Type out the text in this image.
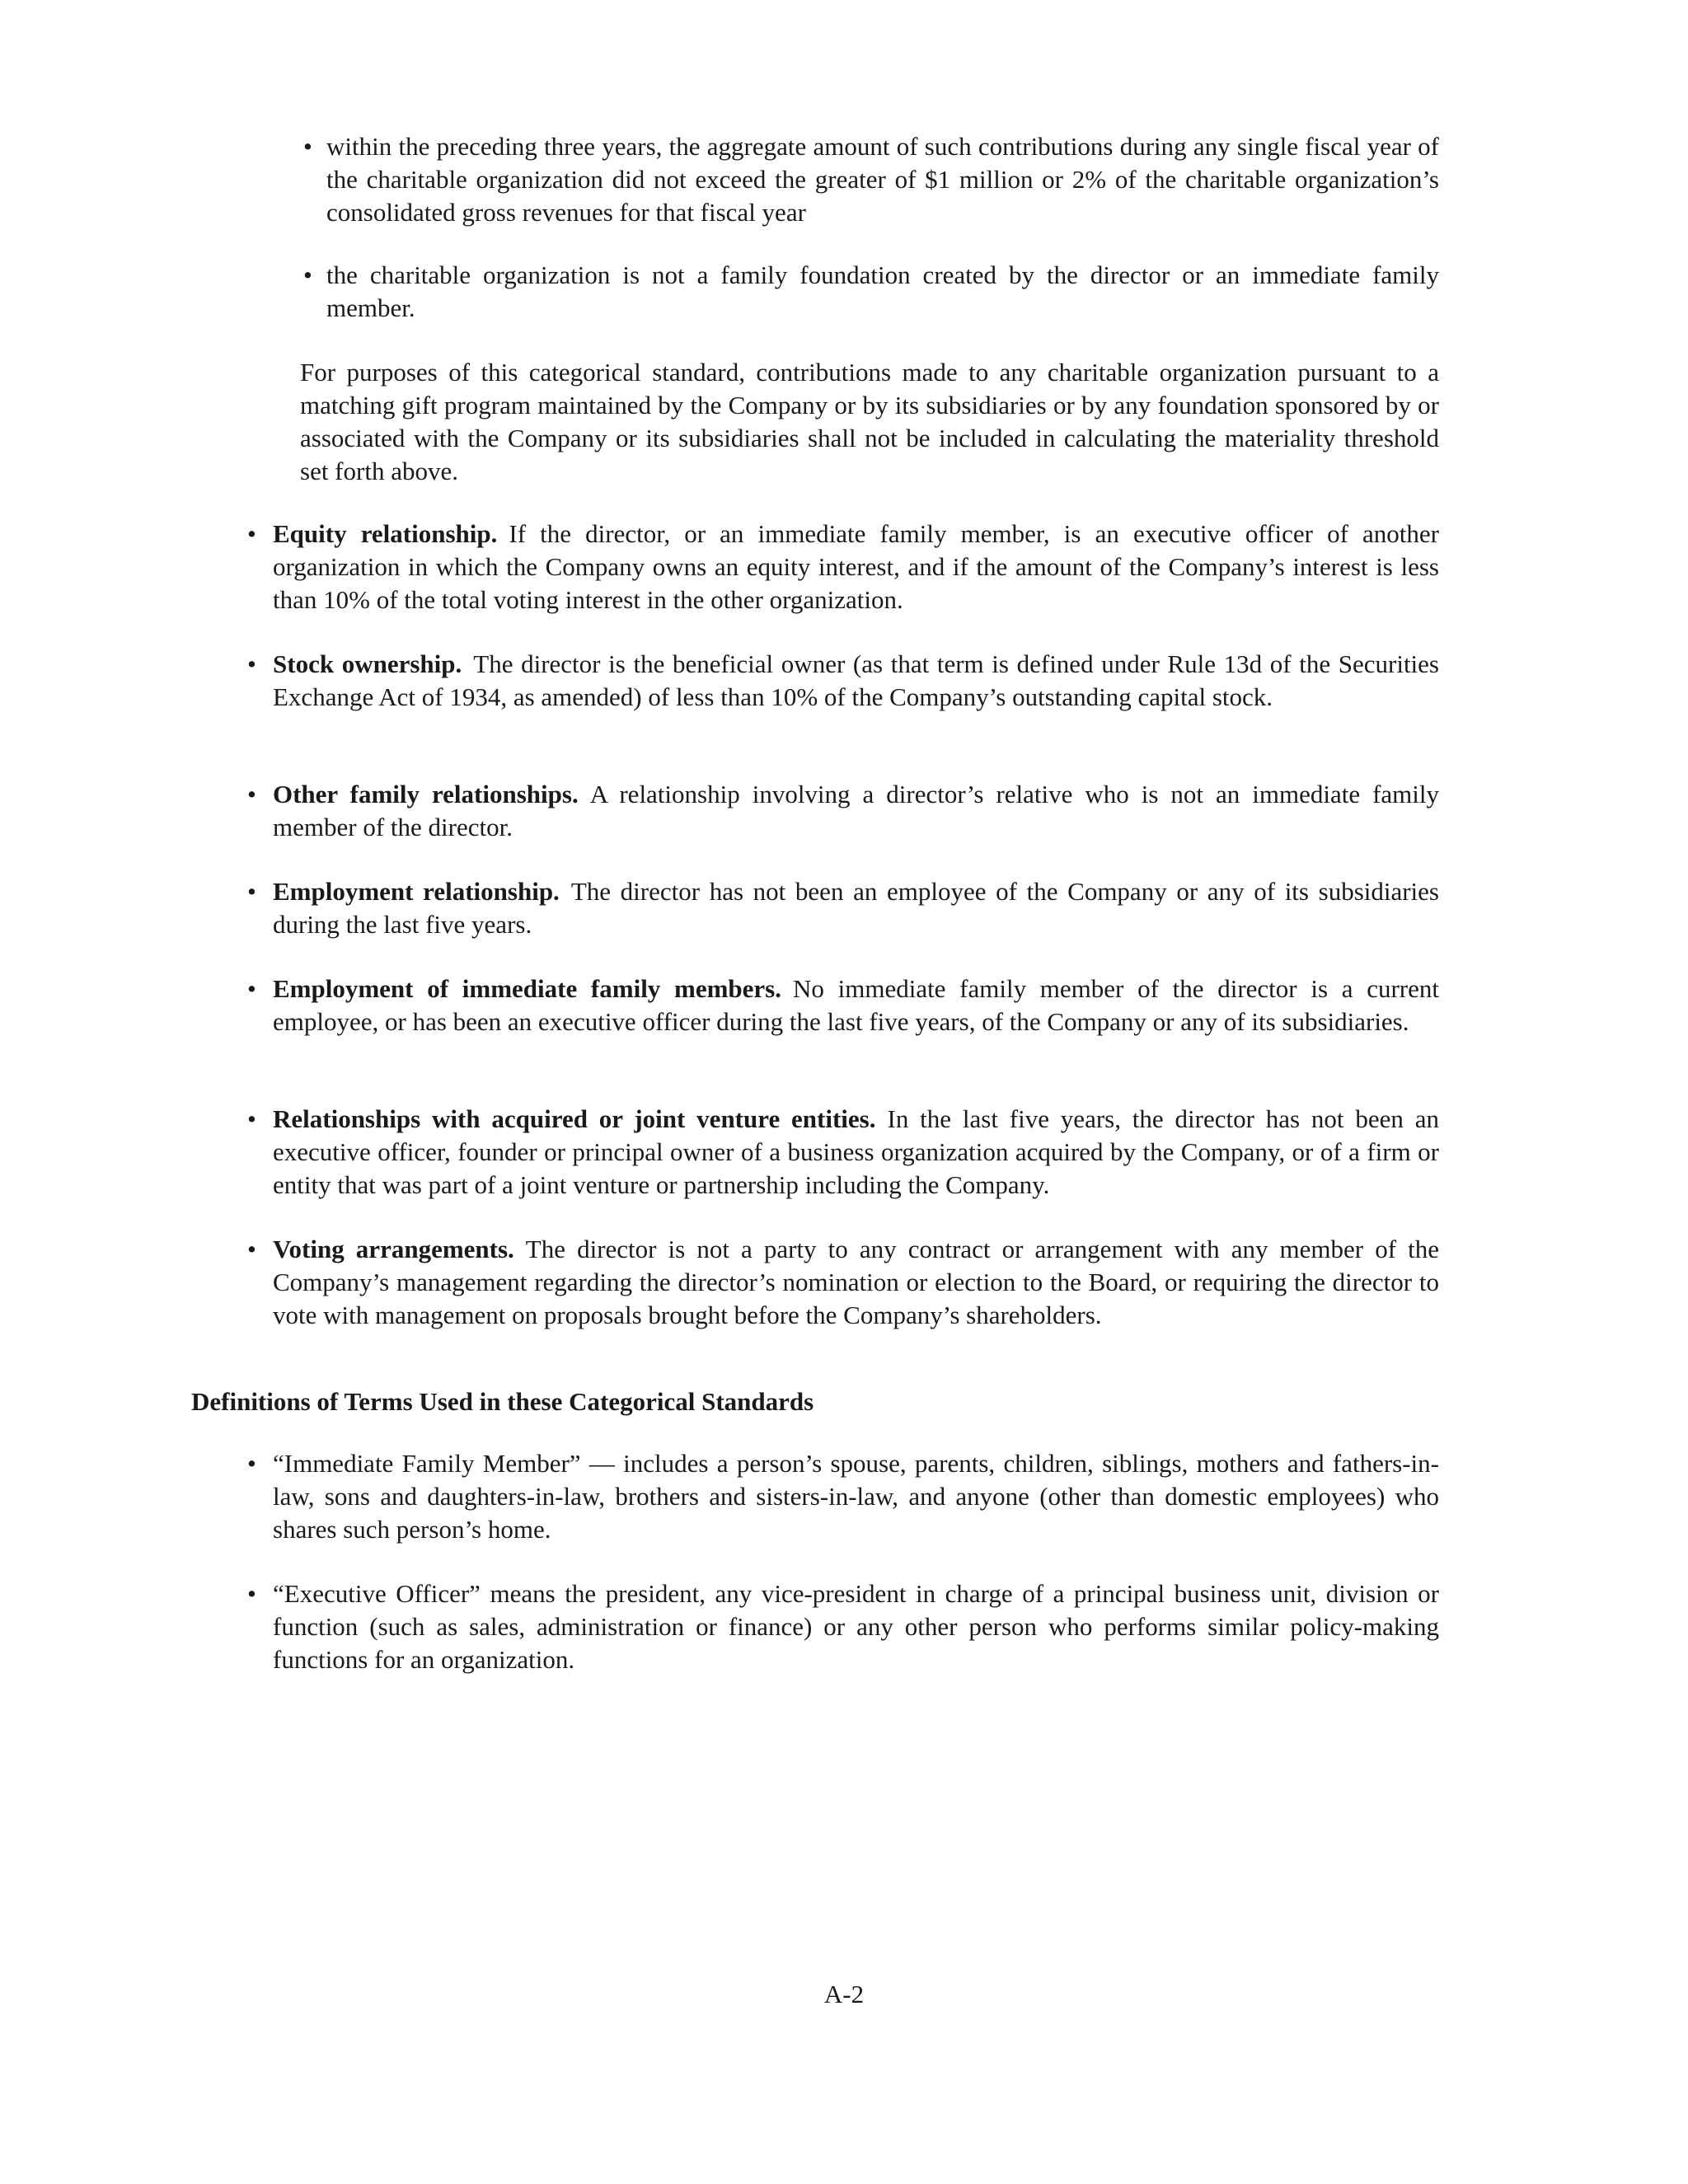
• within the preceding three years, the aggregate amount of such contributions during any single fiscal year of the charitable organization did not exceed the greater of $1 million or 2% of the charitable organization’s consolidated gross revenues for that fiscal year
• the charitable organization is not a family foundation created by the director or an immediate family member.

For purposes of this categorical standard, contributions made to any charitable organization pursuant to a matching gift program maintained by the Company or by its subsidiaries or by any foundation sponsored by or associated with the Company or its subsidiaries shall not be included in calculating the materiality threshold set forth above.

• Equity relationship. If the director, or an immediate family member, is an executive officer of another organization in which the Company owns an equity interest, and if the amount of the Company’s interest is less than 10% of the total voting interest in the other organization.
• Stock ownership. The director is the beneficial owner (as that term is defined under Rule 13d of the Securities Exchange Act of 1934, as amended) of less than 10% of the Company’s outstanding capital stock.
• Other family relationships. A relationship involving a director’s relative who is not an immediate family member of the director.
• Employment relationship. The director has not been an employee of the Company or any of its subsidiaries during the last five years.
• Employment of immediate family members. No immediate family member of the director is a current employee, or has been an executive officer during the last five years, of the Company or any of its subsidiaries.
• Relationships with acquired or joint venture entities. In the last five years, the director has not been an executive officer, founder or principal owner of a business organization acquired by the Company, or of a firm or entity that was part of a joint venture or partnership including the Company.
• Voting arrangements. The director is not a party to any contract or arrangement with any member of the Company’s management regarding the director’s nomination or election to the Board, or requiring the director to vote with management on proposals brought before the Company’s shareholders.
Definitions of Terms Used in these Categorical Standards
• “Immediate Family Member” — includes a person’s spouse, parents, children, siblings, mothers and fathers-in-law, sons and daughters-in-law, brothers and sisters-in-law, and anyone (other than domestic employees) who shares such person’s home.
• “Executive Officer” means the president, any vice-president in charge of a principal business unit, division or function (such as sales, administration or finance) or any other person who performs similar policy-making functions for an organization.
A-2
